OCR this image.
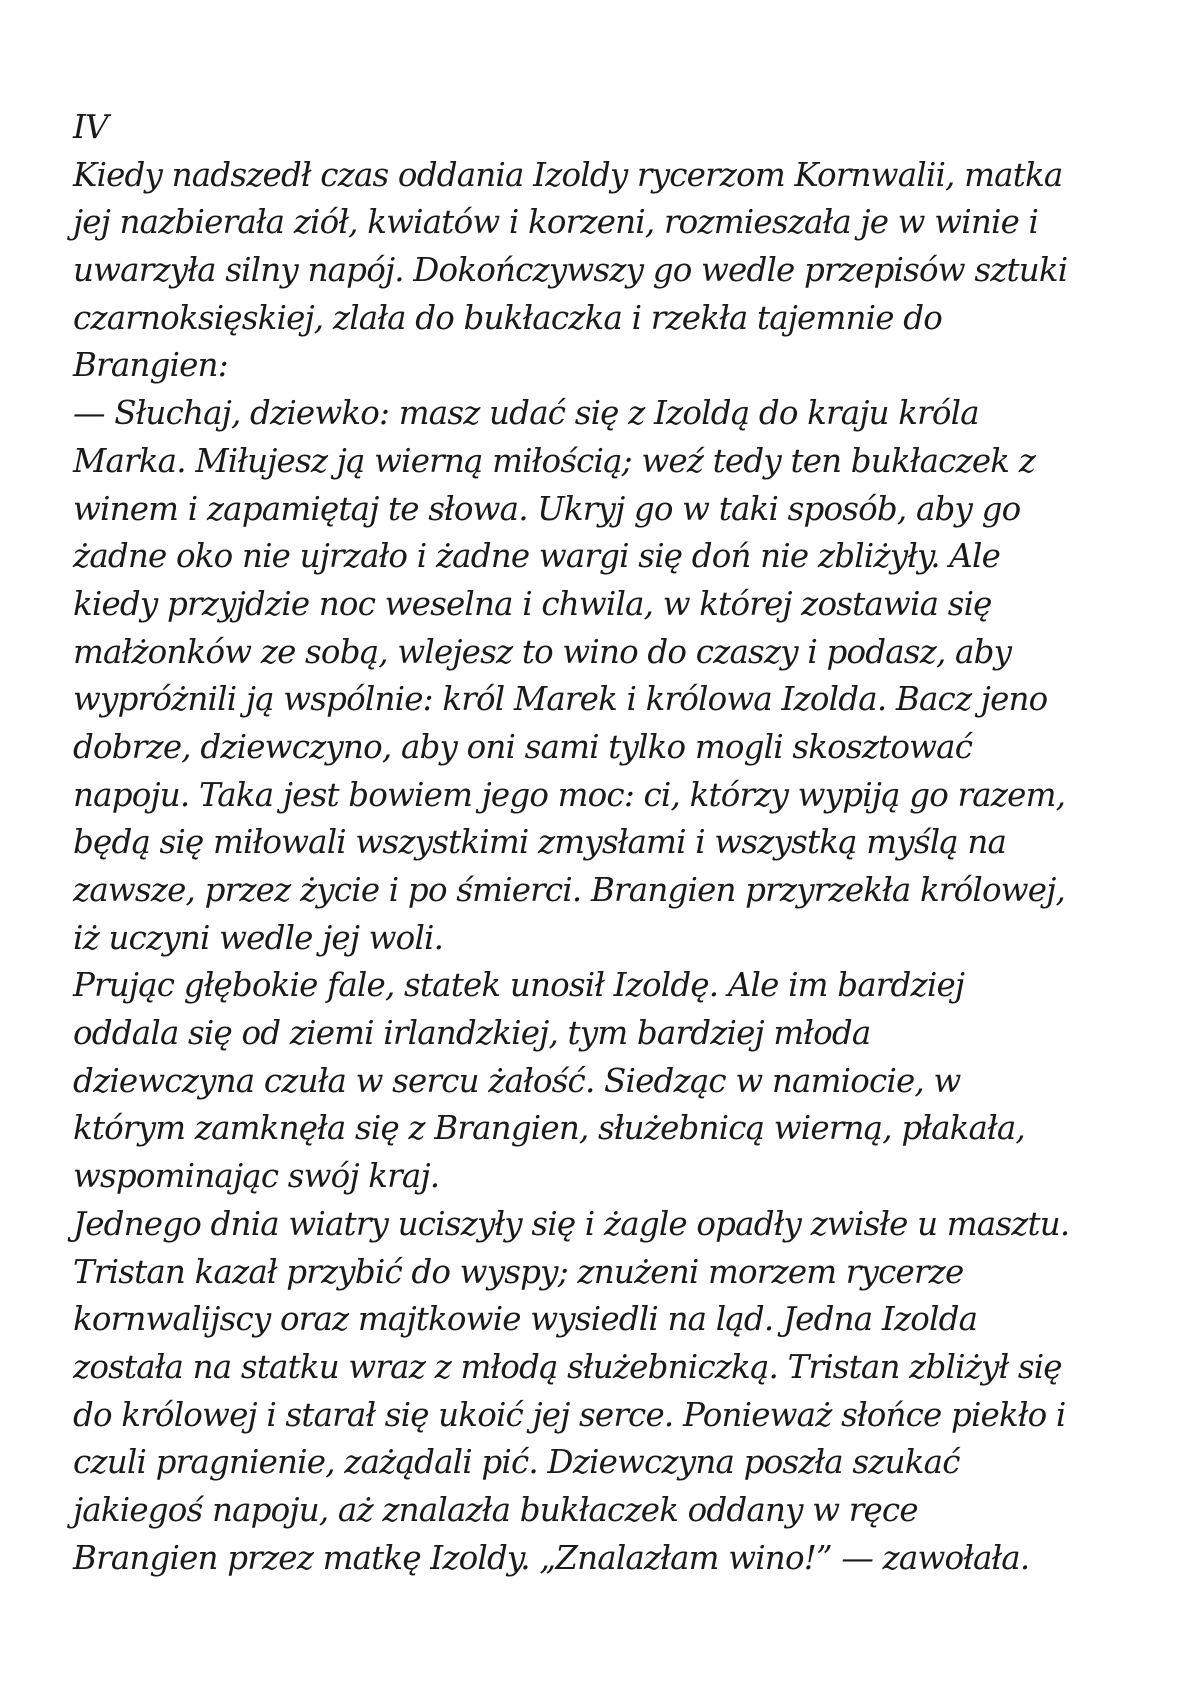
IV
Kiedy nadszedł czas oddania Izoldy rycerzom Kornwalii, matka
jej nazbierała ziół, kwiatów i korzeni, rozmieszała je w winie i
uwarzyła silny napój. Dokończywszy go wedle przepisów sztuki
czarnoksięskiej, zlała do bukłaczka i rzekła tajemnie do
Brangien:
— Słuchaj, dziewko: masz udać się z Izoldą do kraju króla
Marka. Miłujesz ją wierną miłością; weź tedy ten bukłaczek z
winem i zapamiętaj te słowa. Ukryj go w taki sposób, aby go
żadne oko nie ujrzało i żadne wargi się doń nie zbliżyły. Ale
kiedy przyjdzie noc weselna i chwila, w której zostawia się
małżonków ze sobą, wlejesz to wino do czaszy i podasz, aby
wypróżnili ją wspólnie: król Marek i królowa Izolda. Bacz jeno
dobrze, dziewczyno, aby oni sami tylko mogli skosztować
napoju. Taka jest bowiem jego moc: ci, którzy wypiją go razem,
będą się miłowali wszystkimi zmysłami i wszystką myślą na
zawsze, przez życie i po śmierci. Brangien przyrzekła królowej,
iż uczyni wedle jej woli.
Prując głębokie fale, statek unosił Izoldę. Ale im bardziej
oddala się od ziemi irlandzkiej, tym bardziej młoda
dziewczyna czuła w sercu żałość. Siedząc w namiocie, w
którym zamknęła się z Brangien, służebnicą wierną, płakała,
wspominając swój kraj.
Jednego dnia wiatry uciszyły się i żagle opadły zwisłe u masztu.
Tristan kazał przybić do wyspy; znużeni morzem rycerze
kornwalijscy oraz majtkowie wysiedli na ląd. Jedna Izolda
została na statku wraz z młodą służebniczką. Tristan zbliżył się
do królowej i starał się ukoić jej serce. Ponieważ słońce piekło i
czuli pragnienie, zażądali pić. Dziewczyna poszła szukać
jakiegoś napoju, aż znalazła bukłaczek oddany w ręce
Brangien przez matkę Izoldy. „Znalazłam wino!” — zawołała.
